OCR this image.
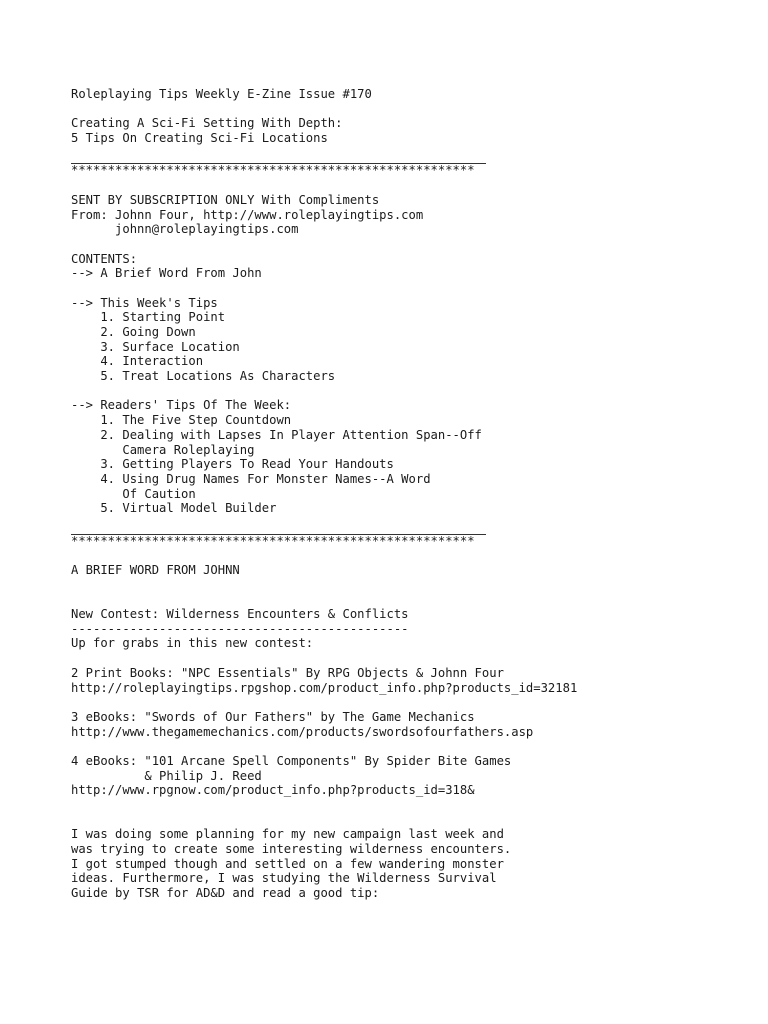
Roleplaying Tips Weekly E-Zine Issue #170
Creating A Sci-Fi Setting With Depth:
5 Tips On Creating Sci-Fi Locations
*******************************************************
SENT BY SUBSCRIPTION ONLY With Compliments
From: Johnn Four, http://www.roleplayingtips.com
johnn@roleplayingtips.com
CONTENTS:
--> A Brief Word From John
--> This Week's Tips
1. Starting Point
2. Going Down
3. Surface Location
4. Interaction
5. Treat Locations As Characters
--> Readers' Tips Of The Week:
1. The Five Step Countdown
2. Dealing with Lapses In Player Attention Span--Off
Camera Roleplaying
3. Getting Players To Read Your Handouts
4. Using Drug Names For Monster Names--A Word
Of Caution
5. Virtual Model Builder
*******************************************************
A BRIEF WORD FROM JOHNN
New Contest: Wilderness Encounters & Conflicts
----------------------------------------------
Up for grabs in this new contest:
2 Print Books: "NPC Essentials" By RPG Objects & Johnn Four
http://roleplayingtips.rpgshop.com/product_info.php?products_id=32181
3 eBooks: "Swords of Our Fathers" by The Game Mechanics
http://www.thegamemechanics.com/products/swordsofourfathers.asp
4 eBooks: "101 Arcane Spell Components" By Spider Bite Games
& Philip J. Reed
http://www.rpgnow.com/product_info.php?products_id=318&
I was doing some planning for my new campaign last week and
was trying to create some interesting wilderness encounters.
I got stumped though and settled on a few wandering monster
ideas. Furthermore, I was studying the Wilderness Survival
Guide by TSR for AD&D and read a good tip:
